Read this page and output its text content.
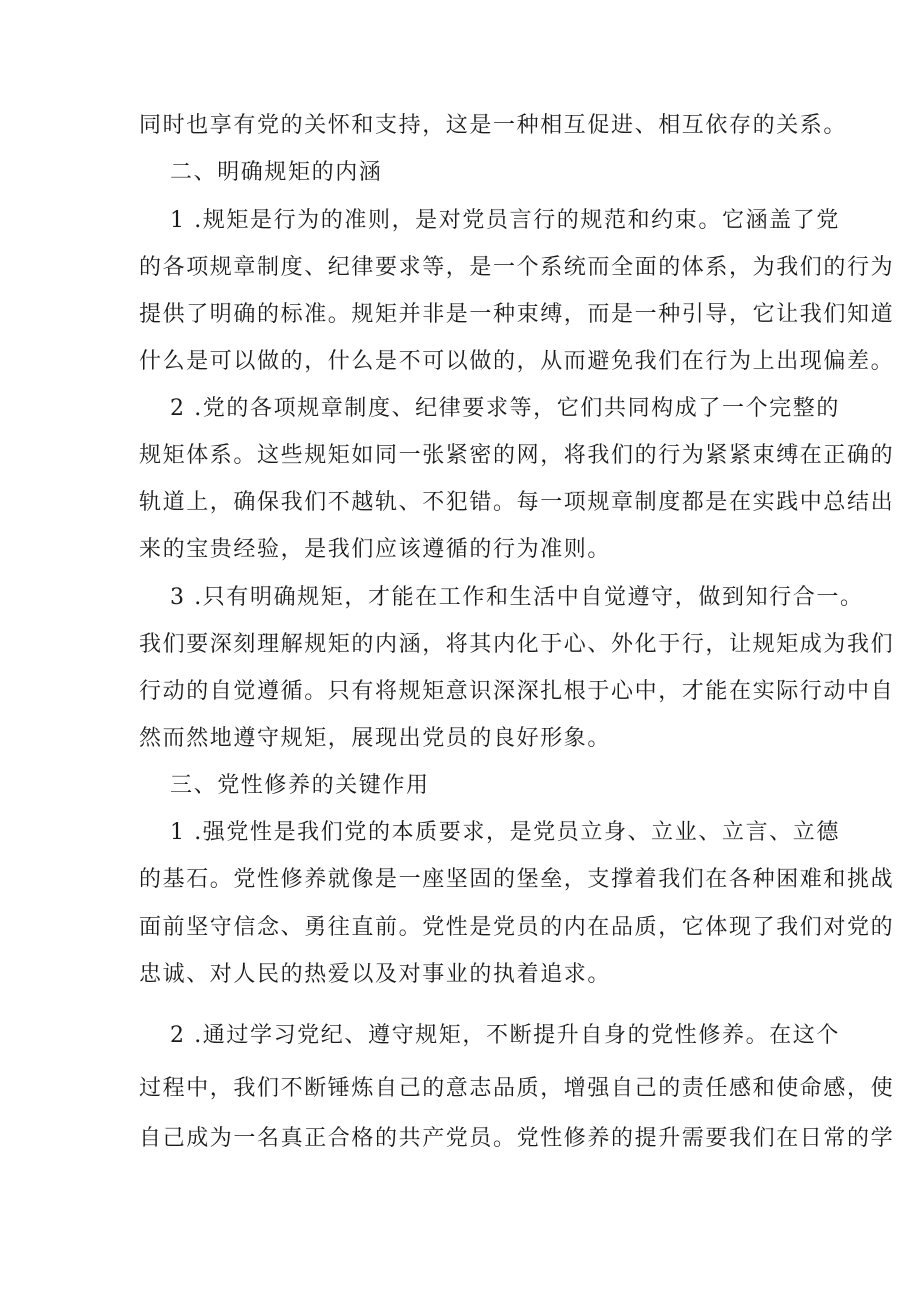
同时也享有党的关怀和支持，这是一种相互促进、相互依存的关系。
二、明确规矩的内涵
1 .规矩是行为的准则，是对党员言行的规范和约束。它涵盖了党
的各项规章制度、纪律要求等，是一个系统而全面的体系，为我们的行为
提供了明确的标准。规矩并非是一种束缚，而是一种引导，它让我们知道
什么是可以做的，什么是不可以做的，从而避免我们在行为上出现偏差。
2 .党的各项规章制度、纪律要求等，它们共同构成了一个完整的
规矩体系。这些规矩如同一张紧密的网，将我们的行为紧紧束缚在正确的
轨道上，确保我们不越轨、不犯错。每一项规章制度都是在实践中总结出
来的宝贵经验，是我们应该遵循的行为准则。
3 .只有明确规矩，才能在工作和生活中自觉遵守，做到知行合一。
我们要深刻理解规矩的内涵，将其内化于心、外化于行，让规矩成为我们
行动的自觉遵循。只有将规矩意识深深扎根于心中，才能在实际行动中自
然而然地遵守规矩，展现出党员的良好形象。
三、党性修养的关键作用
1 .强党性是我们党的本质要求，是党员立身、立业、立言、立德
的基石。党性修养就像是一座坚固的堡垒，支撑着我们在各种困难和挑战
面前坚守信念、勇往直前。党性是党员的内在品质，它体现了我们对党的
忠诚、对人民的热爱以及对事业的执着追求。
2 .通过学习党纪、遵守规矩，不断提升自身的党性修养。在这个
过程中，我们不断锤炼自己的意志品质，增强自己的责任感和使命感，使
自己成为一名真正合格的共产党员。党性修养的提升需要我们在日常的学
